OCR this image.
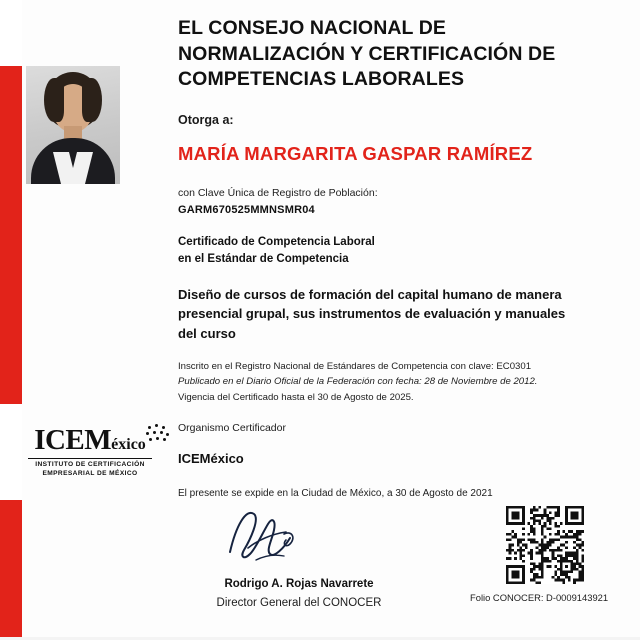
EL CONSEJO NACIONAL DE NORMALIZACIÓN Y CERTIFICACIÓN DE COMPETENCIAS LABORALES
Otorga a:
MARÍA MARGARITA GASPAR RAMÍREZ
con Clave Única de Registro de Población:
GARM670525MMNSMR04
Certificado de Competencia Laboral
en el Estándar de Competencia
Diseño de cursos de formación del capital humano de manera presencial grupal, sus instrumentos de evaluación y manuales del curso
Inscrito en el Registro Nacional de Estándares de Competencia con clave: EC0301
Publicado en el Diario Oficial de la Federación con fecha: 28 de Noviembre de 2012.
Vigencia del Certificado hasta el 30 de Agosto de 2025.
Organismo Certificador
ICEMéxico
El presente se expide en la Ciudad de México, a 30 de Agosto de 2021
ICEMéxico
INSTITUTO DE CERTIFICACIÓN
EMPRESARIAL DE MÉXICO
Rodrigo A. Rojas Navarrete
Director General del CONOCER	Folio CONOCER: D-0009143921
